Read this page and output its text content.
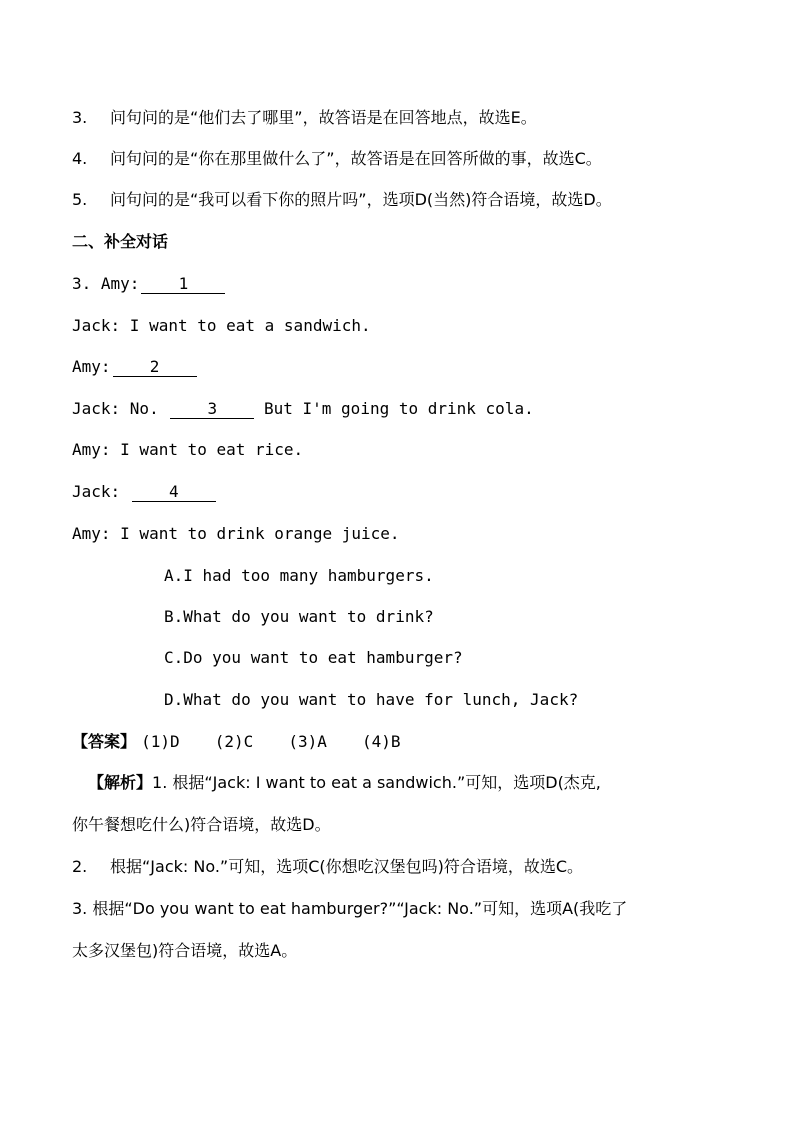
3. 问句问的是“他们去了哪里”，故答语是在回答地点，故选E。
4. 问句问的是“你在那里做什么了”，故答语是在回答所做的事，故选C。
5. 问句问的是“我可以看下你的照片吗”，选项D(当然)符合语境，故选D。
二、补全对话
3. Amy: 1
Jack: I want to eat a sandwich.
Amy: 2
Jack: No.	3	But I'm going to drink cola.
Amy: I want to eat rice.
Jack:	4
Amy: I want to drink orange juice.
A.I had too many hamburgers.
B.What do you want to drink?
C.Do you want to eat hamburger?
D.What do you want to have for lunch, Jack?
【答案】 (1)D (2)C (3)A (4)B
【解析】1. 根据“Jack: I want to eat a sandwich.”可知，选项D(杰克,
你午餐想吃什么)符合语境，故选D。
2. 根据“Jack: No.”可知，选项C(你想吃汉堡包吗)符合语境，故选C。
3. 根据“Do you want to eat hamburger?”“Jack: No.”可知，选项A(我吃了
太多汉堡包)符合语境，故选A。
